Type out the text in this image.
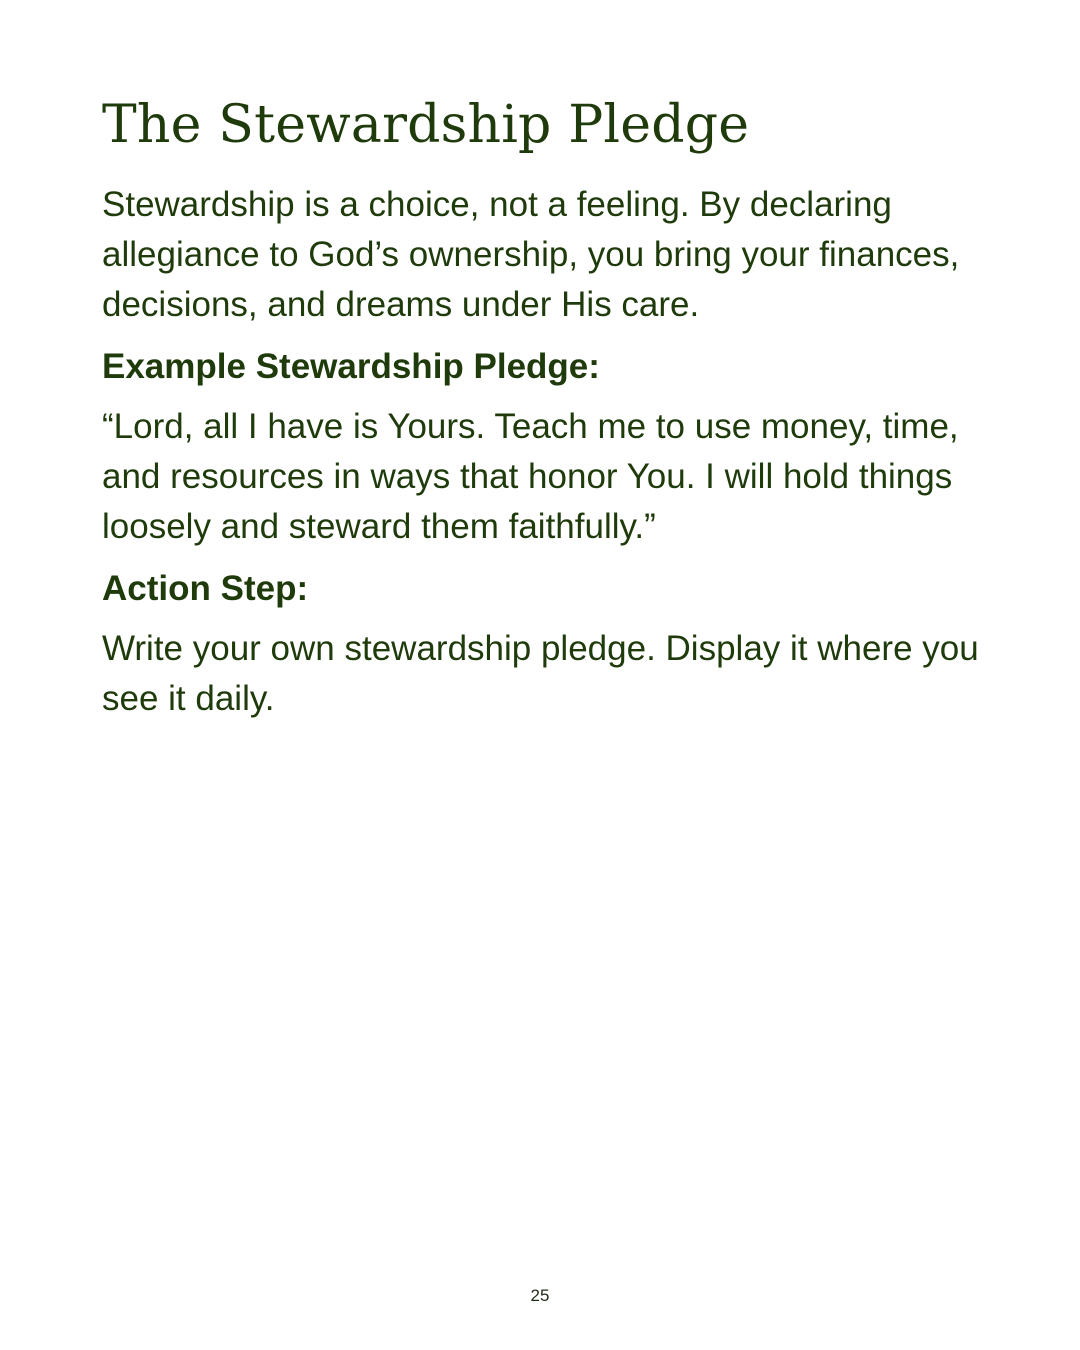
The Stewardship Pledge

Stewardship is a choice, not a feeling. By declaring allegiance to God’s ownership, you bring your finances, decisions, and dreams under His care.

Example Stewardship Pledge:

“Lord, all I have is Yours. Teach me to use money, time, and resources in ways that honor You. I will hold things loosely and steward them faithfully.”

Action Step:

Write your own stewardship pledge. Display it where you see it daily.

25
